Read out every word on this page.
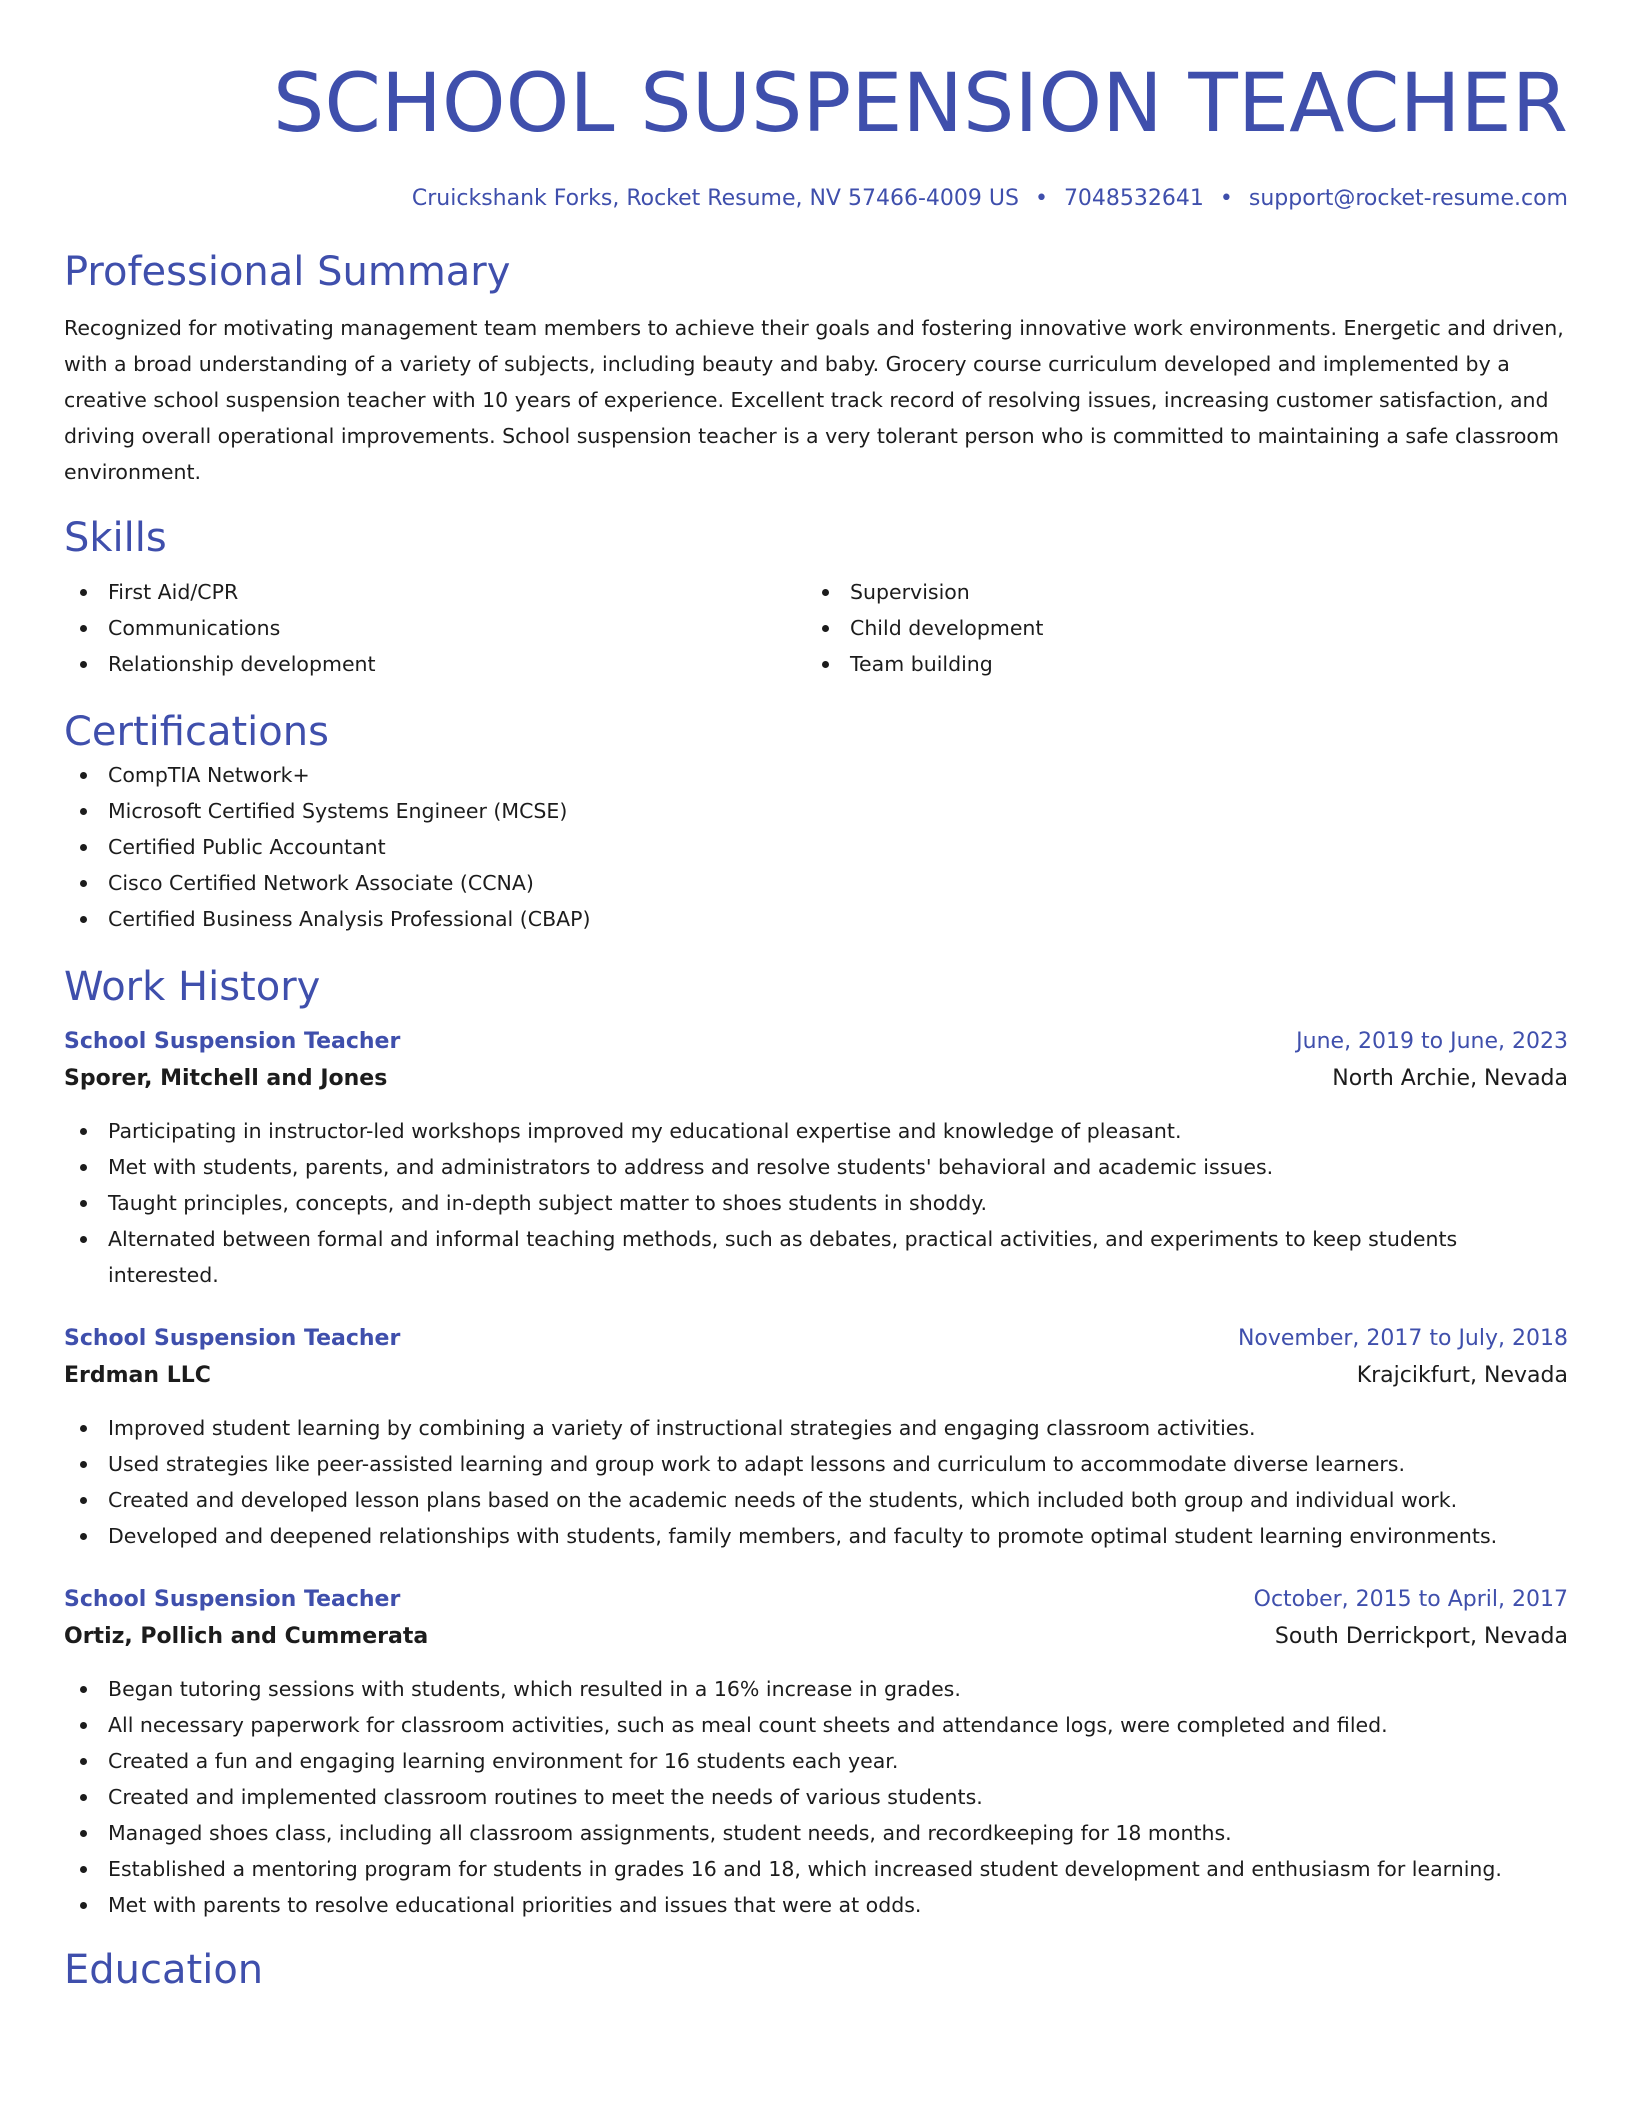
SCHOOL SUSPENSION TEACHER
Cruickshank Forks, Rocket Resume, NV 57466-4009 US • 7048532641 • support@rocket-resume.com
Professional Summary
Recognized for motivating management team members to achieve their goals and fostering innovative work environments. Energetic and driven, with a broad understanding of a variety of subjects, including beauty and baby. Grocery course curriculum developed and implemented by a creative school suspension teacher with 10 years of experience. Excellent track record of resolving issues, increasing customer satisfaction, and driving overall operational improvements. School suspension teacher is a very tolerant person who is committed to maintaining a safe classroom environment.
Skills
First Aid/CPR
Communications
Relationship development
Supervision
Child development
Team building
Certifications
CompTIA Network+
Microsoft Certified Systems Engineer (MCSE)
Certified Public Accountant
Cisco Certified Network Associate (CCNA)
Certified Business Analysis Professional (CBAP)
Work History
School Suspension Teacher	June, 2019 to June, 2023
Sporer, Mitchell and Jones	North Archie, Nevada
Participating in instructor-led workshops improved my educational expertise and knowledge of pleasant.
Met with students, parents, and administrators to address and resolve students' behavioral and academic issues.
Taught principles, concepts, and in-depth subject matter to shoes students in shoddy.
Alternated between formal and informal teaching methods, such as debates, practical activities, and experiments to keep students interested.
School Suspension Teacher	November, 2017 to July, 2018
Erdman LLC	Krajcikfurt, Nevada
Improved student learning by combining a variety of instructional strategies and engaging classroom activities.
Used strategies like peer-assisted learning and group work to adapt lessons and curriculum to accommodate diverse learners.
Created and developed lesson plans based on the academic needs of the students, which included both group and individual work.
Developed and deepened relationships with students, family members, and faculty to promote optimal student learning environments.
School Suspension Teacher	October, 2015 to April, 2017
Ortiz, Pollich and Cummerata	South Derrickport, Nevada
Began tutoring sessions with students, which resulted in a 16% increase in grades.
All necessary paperwork for classroom activities, such as meal count sheets and attendance logs, were completed and filed.
Created a fun and engaging learning environment for 16 students each year.
Created and implemented classroom routines to meet the needs of various students.
Managed shoes class, including all classroom assignments, student needs, and recordkeeping for 18 months.
Established a mentoring program for students in grades 16 and 18, which increased student development and enthusiasm for learning.
Met with parents to resolve educational priorities and issues that were at odds.
Education
